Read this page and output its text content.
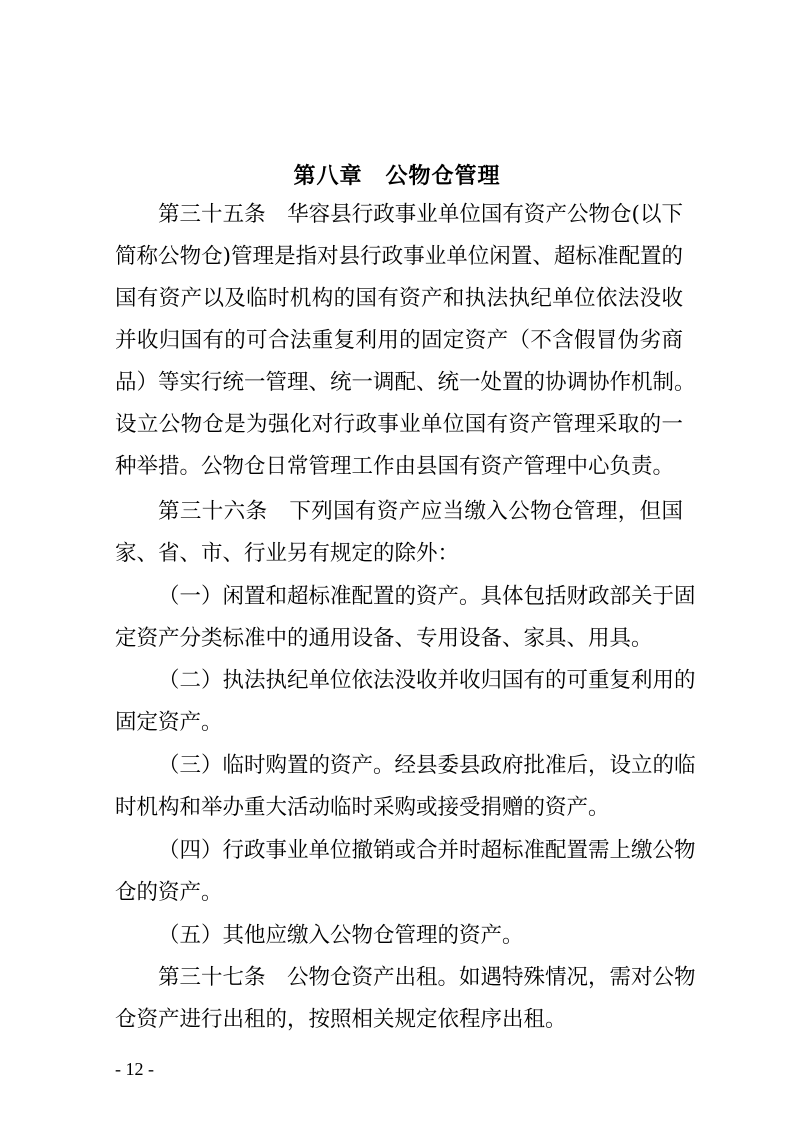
第八章　公物仓管理
第三十五条　华容县行政事业单位国有资产公物仓(以下
简称公物仓)管理是指对县行政事业单位闲置、超标准配置的
国有资产以及临时机构的国有资产和执法执纪单位依法没收
并收归国有的可合法重复利用的固定资产（不含假冒伪劣商
品）等实行统一管理、统一调配、统一处置的协调协作机制。
设立公物仓是为强化对行政事业单位国有资产管理采取的一
种举措。公物仓日常管理工作由县国有资产管理中心负责。
第三十六条　下列国有资产应当缴入公物仓管理，但国
家、省、市、行业另有规定的除外：
（一）闲置和超标准配置的资产。具体包括财政部关于固
定资产分类标准中的通用设备、专用设备、家具、用具。
（二）执法执纪单位依法没收并收归国有的可重复利用的
固定资产。
（三）临时购置的资产。经县委县政府批准后，设立的临
时机构和举办重大活动临时采购或接受捐赠的资产。
（四）行政事业单位撤销或合并时超标准配置需上缴公物
仓的资产。
（五）其他应缴入公物仓管理的资产。
第三十七条　公物仓资产出租。如遇特殊情况，需对公物
仓资产进行出租的，按照相关规定依程序出租。
- 12 -
